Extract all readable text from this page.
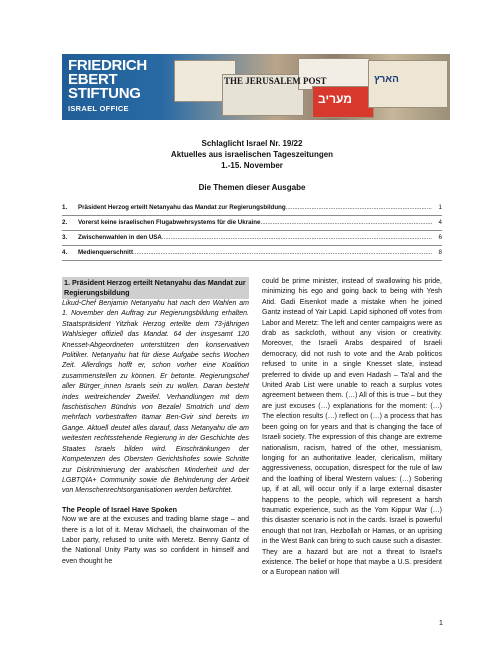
THE JERUSALEM POST
מעריב
הארץ
FRIEDRICH
EBERT
STIFTUNG
ISRAEL OFFICE
Schlaglicht Israel Nr. 19/22
Aktuelles aus israelischen Tageszeitungen
1.-15. November
Die Themen dieser Ausgabe
1.	Präsident Herzog erteilt Netanyahu das Mandat zur Regierungsbildung .....	1
2.	Vorerst keine israelischen Flugabwehrsystems für die Ukraine .....	4
3.	Zwischenwahlen in den USA .....	6
4.	Medienquerschnitt .....	8
1. Präsident Herzog erteilt Netanyahu das Mandat zur Regierungsbildung
Likud-Chef Benjamin Netanyahu hat nach den Wahlen am 1. November den Auftrag zur Regierungsbildung erhalten. Staatspräsident Yitzhak Herzog erteilte dem 73-jährigen Wahlsieger offiziell das Mandat. 64 der insgesamt 120 Knesset-Abgeordneten unterstützen den konservativen Politiker. Netanyahu hat für diese Aufgabe sechs Wochen Zeit. Allerdings hofft er, schon vorher eine Koalition zusammenstellen zu können. Er betonte. Regierungschef aller Bürger_innen Israels sein zu wollen. Daran besteht indes weitreichender Zweifel. Verhandlungen mit dem faschistischen Bündnis von Bezalel Smotrich und dem mehrfach vorbestraften Itamar Ben-Gvir sind bereits im Gange. Aktuell deutet alles darauf, dass Netanyahu die am weitesten rechtsstehende Regierung in der Geschichte des Staates Israels bilden wird. Einschränkungen der Kompetenzen des Obersten Gerichtshofes sowie Schritte zur Diskriminierung der arabischen Minderheit und der LGBTQIA+ Community sowie die Behinderung der Arbeit von Menschenrechtsorganisationen werden befürchtet.
The People of Israel Have Spoken
Now we are at the excuses and trading blame stage – and there is a lot of it. Merav Michaeli, the chairwoman of the Labor party, refused to unite with Meretz. Benny Gantz of the National Unity Party was so confident in himself and even thought he
could be prime minister, instead of swallowing his pride, minimizing his ego and going back to being with Yesh Atid. Gadi Eisenkot made a mistake when he joined Gantz instead of Yair Lapid. Lapid siphoned off votes from Labor and Meretz: The left and center campaigns were as drab as sackcloth, without any vision or creativity. Moreover, the Israeli Arabs despaired of Israeli democracy, did not rush to vote and the Arab politicos refused to unite in a single Knesset slate, instead preferred to divide up and even Hadash – Ta'al and the United Arab List were unable to reach a surplus votes agreement between them. (…) All of this is true – but they are just excuses (…) explanations for the moment: (…) The election results (…) reflect on (…) a process that has been going on for years and that is changing the face of Israeli society. The expression of this change are extreme nationalism, racism, hatred of the other, messianism, longing for an authoritative leader, clericalism, military aggressiveness, occupation, disrespect for the rule of law and the loathing of liberal Western values: (…) Sobering up, if at all, will occur only if a large external disaster happens to the people, which will represent a harsh traumatic experience, such as the Yom Kippur War (…) this disaster scenario is not in the cards. Israel is powerful enough that not Iran, Hezbollah or Hamas, or an uprising in the West Bank can bring to such cause such a disaster. They are a hazard but are not a threat to Israel's existence. The belief or hope that maybe a U.S. president or a European nation will
1
